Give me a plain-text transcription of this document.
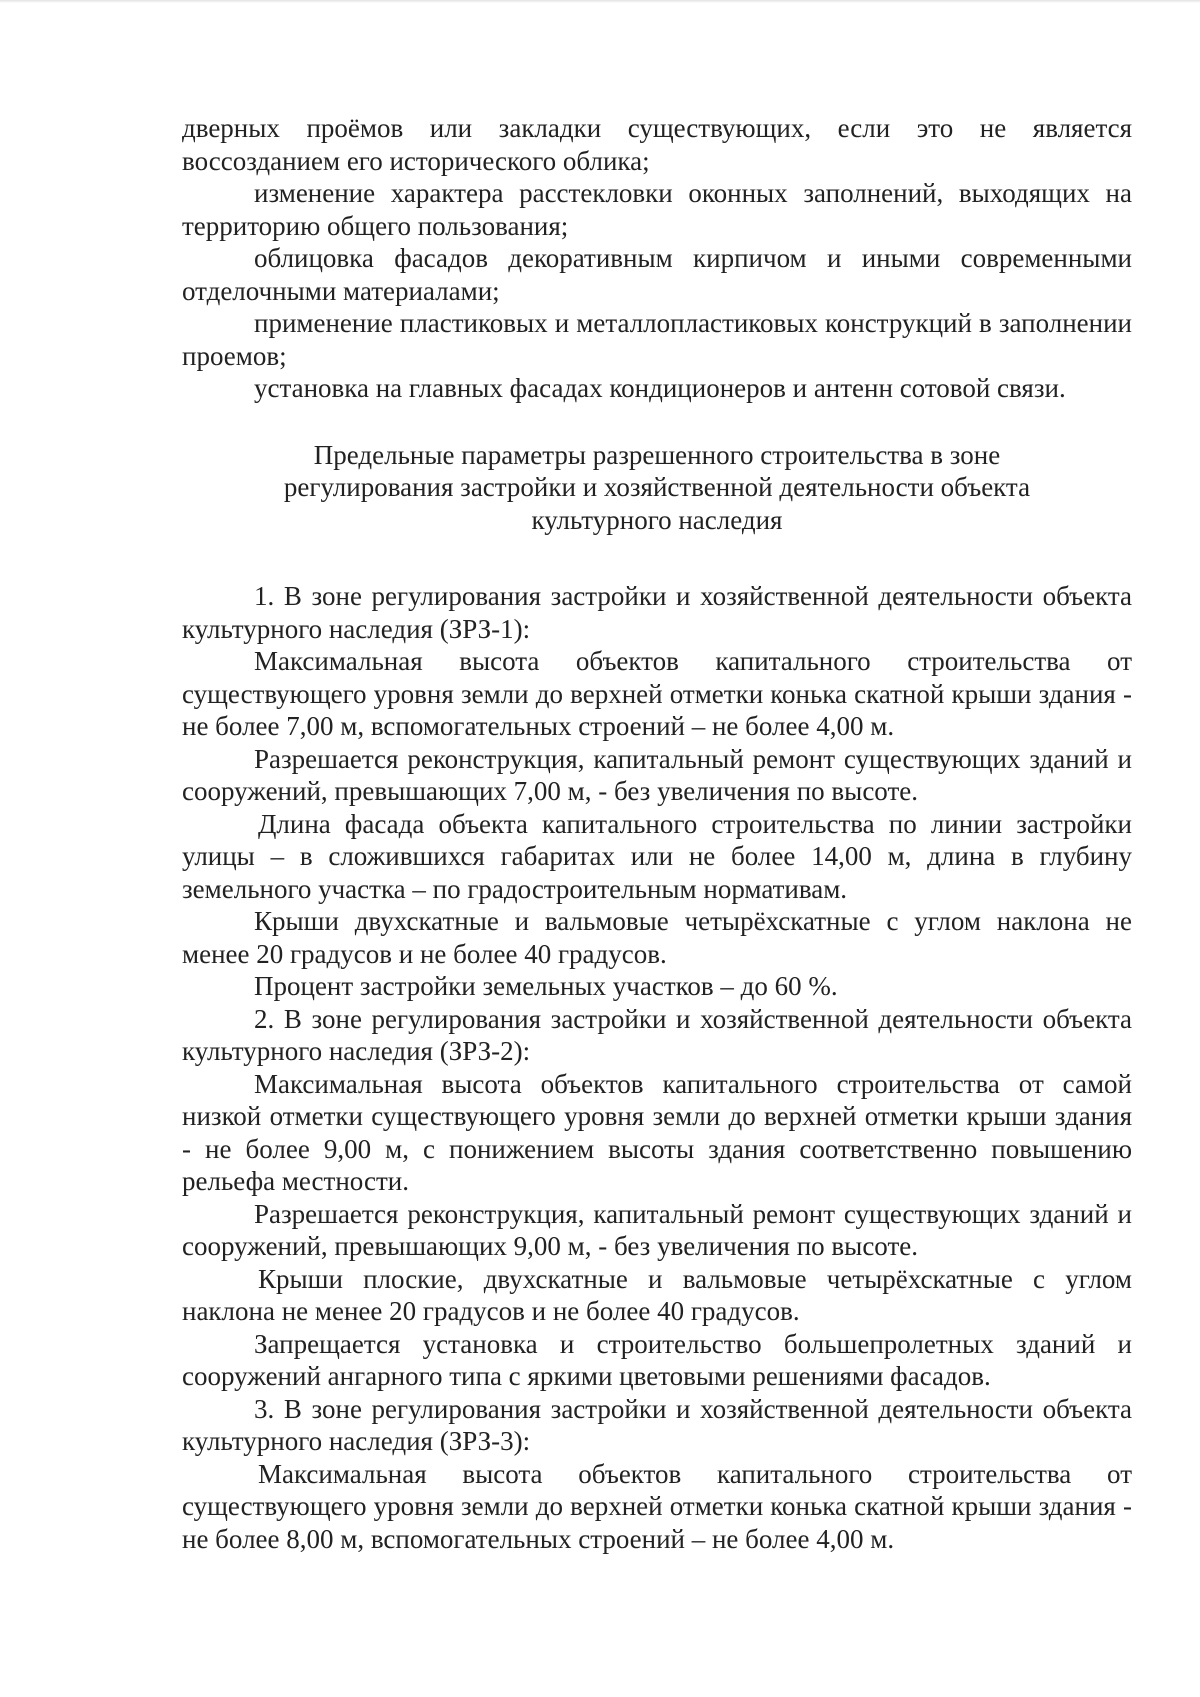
дверных проёмов или закладки существующих, если это не является воссозданием его исторического облика;

изменение характера расстекловки оконных заполнений, выходящих на территорию общего пользования;

облицовка фасадов декоративным кирпичом и иными современными отделочными материалами;

применение пластиковых и металлопластиковых конструкций в заполнении проемов;

установка на главных фасадах кондиционеров и антенн сотовой связи.

Предельные параметры разрешенного строительства в зоне
регулирования застройки и хозяйственной деятельности объекта
культурного наследия

1. В зоне регулирования застройки и хозяйственной деятельности объекта культурного наследия (ЗРЗ-1):

Максимальная высота объектов капитального строительства от существующего уровня земли до верхней отметки конька скатной крыши здания - не более 7,00 м, вспомогательных строений – не более 4,00 м.

Разрешается реконструкция, капитальный ремонт существующих зданий и сооружений, превышающих 7,00 м, - без увеличения по высоте.

Длина фасада объекта капитального строительства по линии застройки улицы – в сложившихся габаритах или не более 14,00 м, длина в глубину земельного участка – по градостроительным нормативам.

Крыши двухскатные и вальмовые четырёхскатные с углом наклона не менее 20 градусов и не более 40 градусов.

Процент застройки земельных участков – до 60 %.

2. В зоне регулирования застройки и хозяйственной деятельности объекта культурного наследия (ЗРЗ-2):

Максимальная высота объектов капитального строительства от самой низкой отметки существующего уровня земли до верхней отметки крыши здания - не более 9,00 м, с понижением высоты здания соответственно повышению рельефа местности.

Разрешается реконструкция, капитальный ремонт существующих зданий и сооружений, превышающих 9,00 м, - без увеличения по высоте.

Крыши плоские, двухскатные и вальмовые четырёхскатные с углом наклона не менее 20 градусов и не более 40 градусов.

Запрещается установка и строительство большепролетных зданий и сооружений ангарного типа с яркими цветовыми решениями фасадов.

3. В зоне регулирования застройки и хозяйственной деятельности объекта культурного наследия (ЗРЗ-3):

Максимальная высота объектов капитального строительства от существующего уровня земли до верхней отметки конька скатной крыши здания - не более 8,00 м, вспомогательных строений – не более 4,00 м.
